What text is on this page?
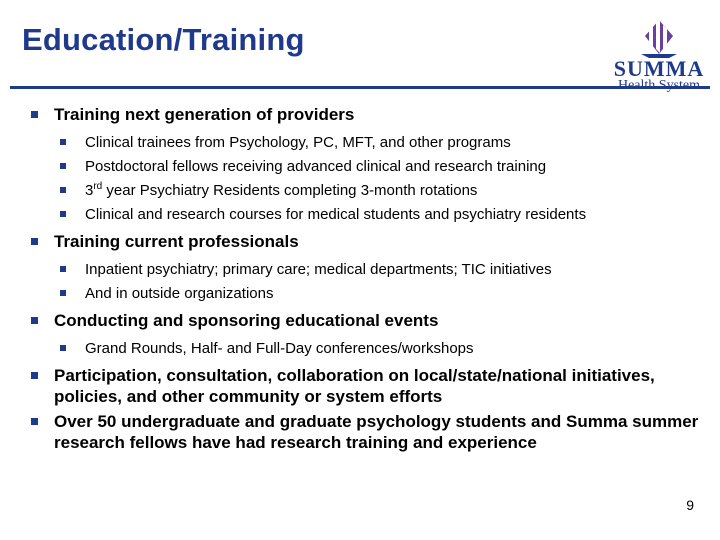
Education/Training
SUMMA
Training next generation of providers
Clinical trainees from Psychology, PC, MFT, and other programs
Postdoctoral fellows receiving advanced clinical and research training
3rd year Psychiatry Residents completing 3-month rotations
Clinical and research courses for medical students and psychiatry residents
Training current professionals
Inpatient psychiatry; primary care; medical departments; TIC initiatives
And in outside organizations
Conducting and sponsoring educational events
Grand Rounds, Half- and Full-Day conferences/workshops
Participation, consultation, collaboration on local/state/national initiatives, policies, and other community or system efforts
Over 50 undergraduate and graduate psychology students and Summa summer research fellows have had research training and experience
9
